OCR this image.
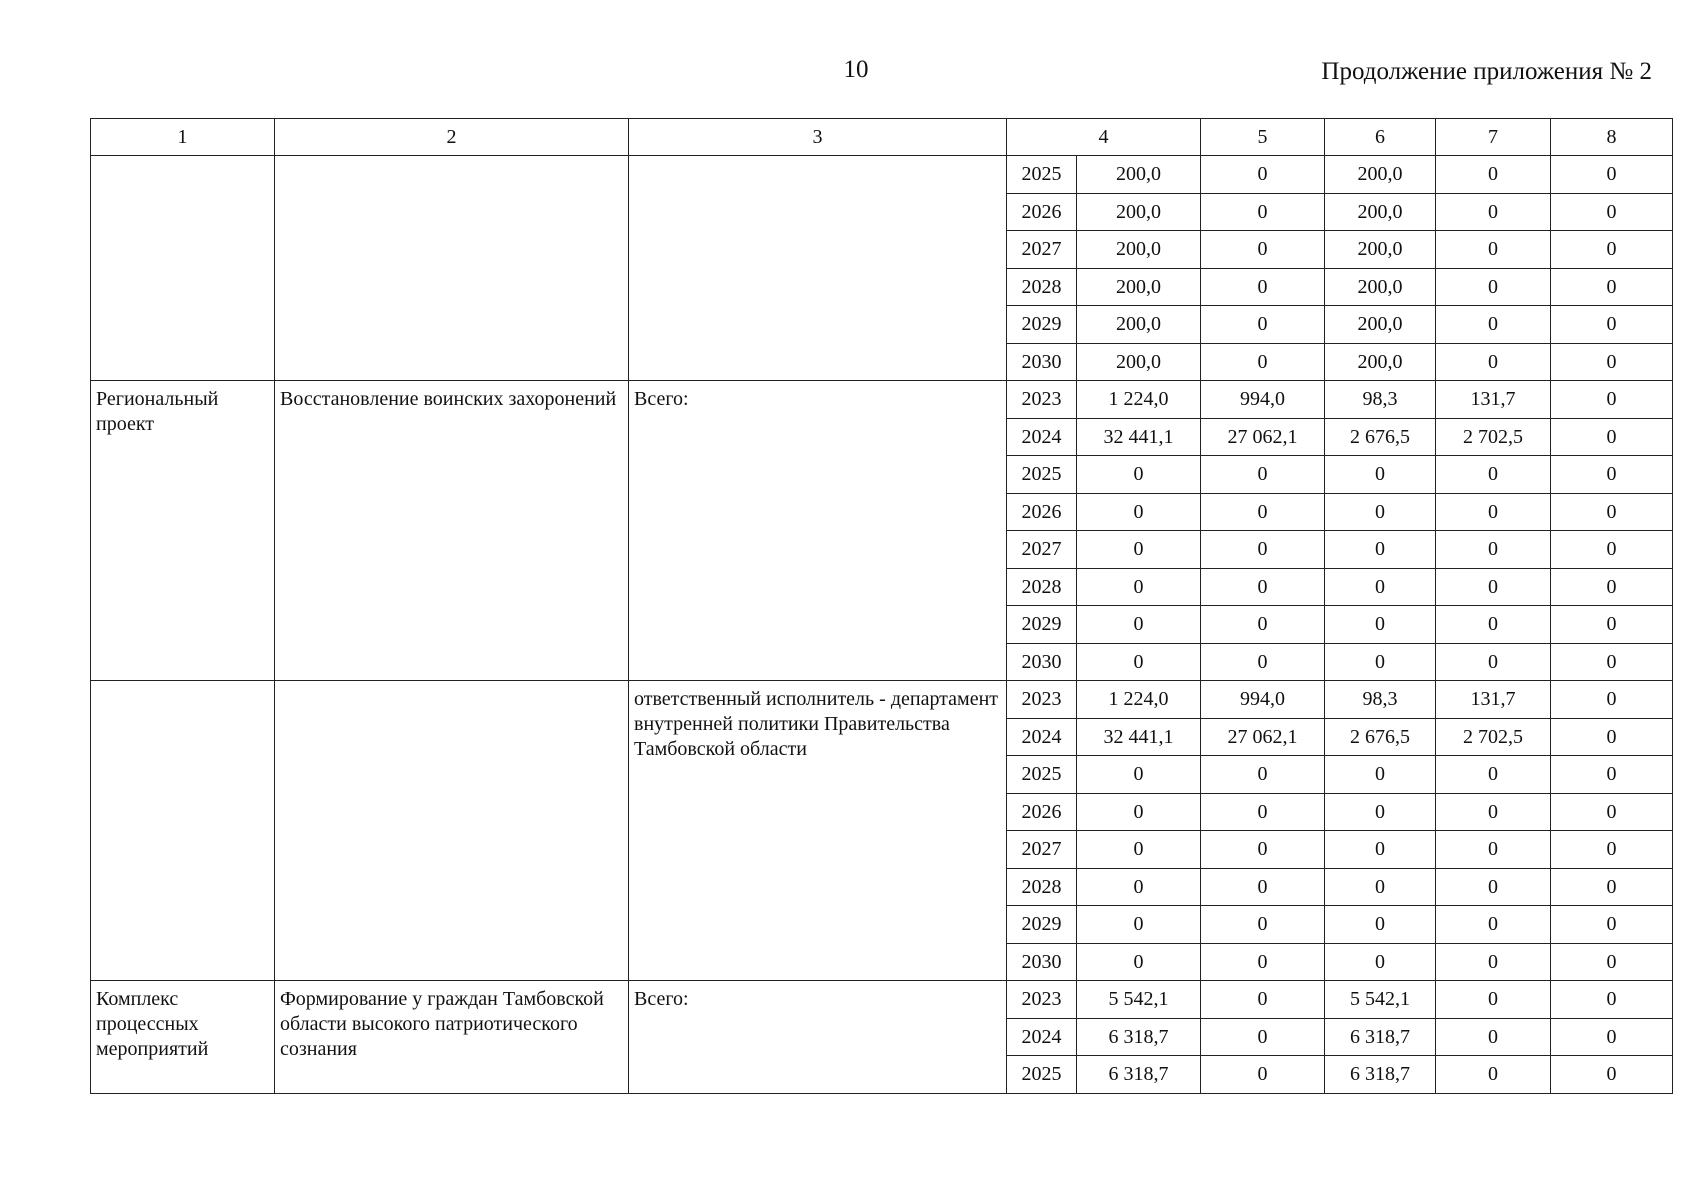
10	Продолжение приложения № 2
1	2	3	4		5	6	7	8
			2025	200,0	0	200,0	0	0
			2026	200,0	0	200,0	0	0
			2027	200,0	0	200,0	0	0
			2028	200,0	0	200,0	0	0
			2029	200,0	0	200,0	0	0
			2030	200,0	0	200,0	0	0
Региональный проект	Восстановление воинских захоронений	Всего:	2023	1 224,0	994,0	98,3	131,7	0
			2024	32 441,1	27 062,1	2 676,5	2 702,5	0
			2025	0	0	0	0	0
			2026	0	0	0	0	0
			2027	0	0	0	0	0
			2028	0	0	0	0	0
			2029	0	0	0	0	0
			2030	0	0	0	0	0
		ответственный исполнитель - департамент внутренней политики Правительства Тамбовской области	2023	1 224,0	994,0	98,3	131,7	0
			2024	32 441,1	27 062,1	2 676,5	2 702,5	0
			2025	0	0	0	0	0
			2026	0	0	0	0	0
			2027	0	0	0	0	0
			2028	0	0	0	0	0
			2029	0	0	0	0	0
			2030	0	0	0	0	0
Комплекс процессных мероприятий	Формирование у граждан Тамбовской области высокого патриотического сознания	Всего:	2023	5 542,1	0	5 542,1	0	0
			2024	6 318,7	0	6 318,7	0	0
			2025	6 318,7	0	6 318,7	0	0
